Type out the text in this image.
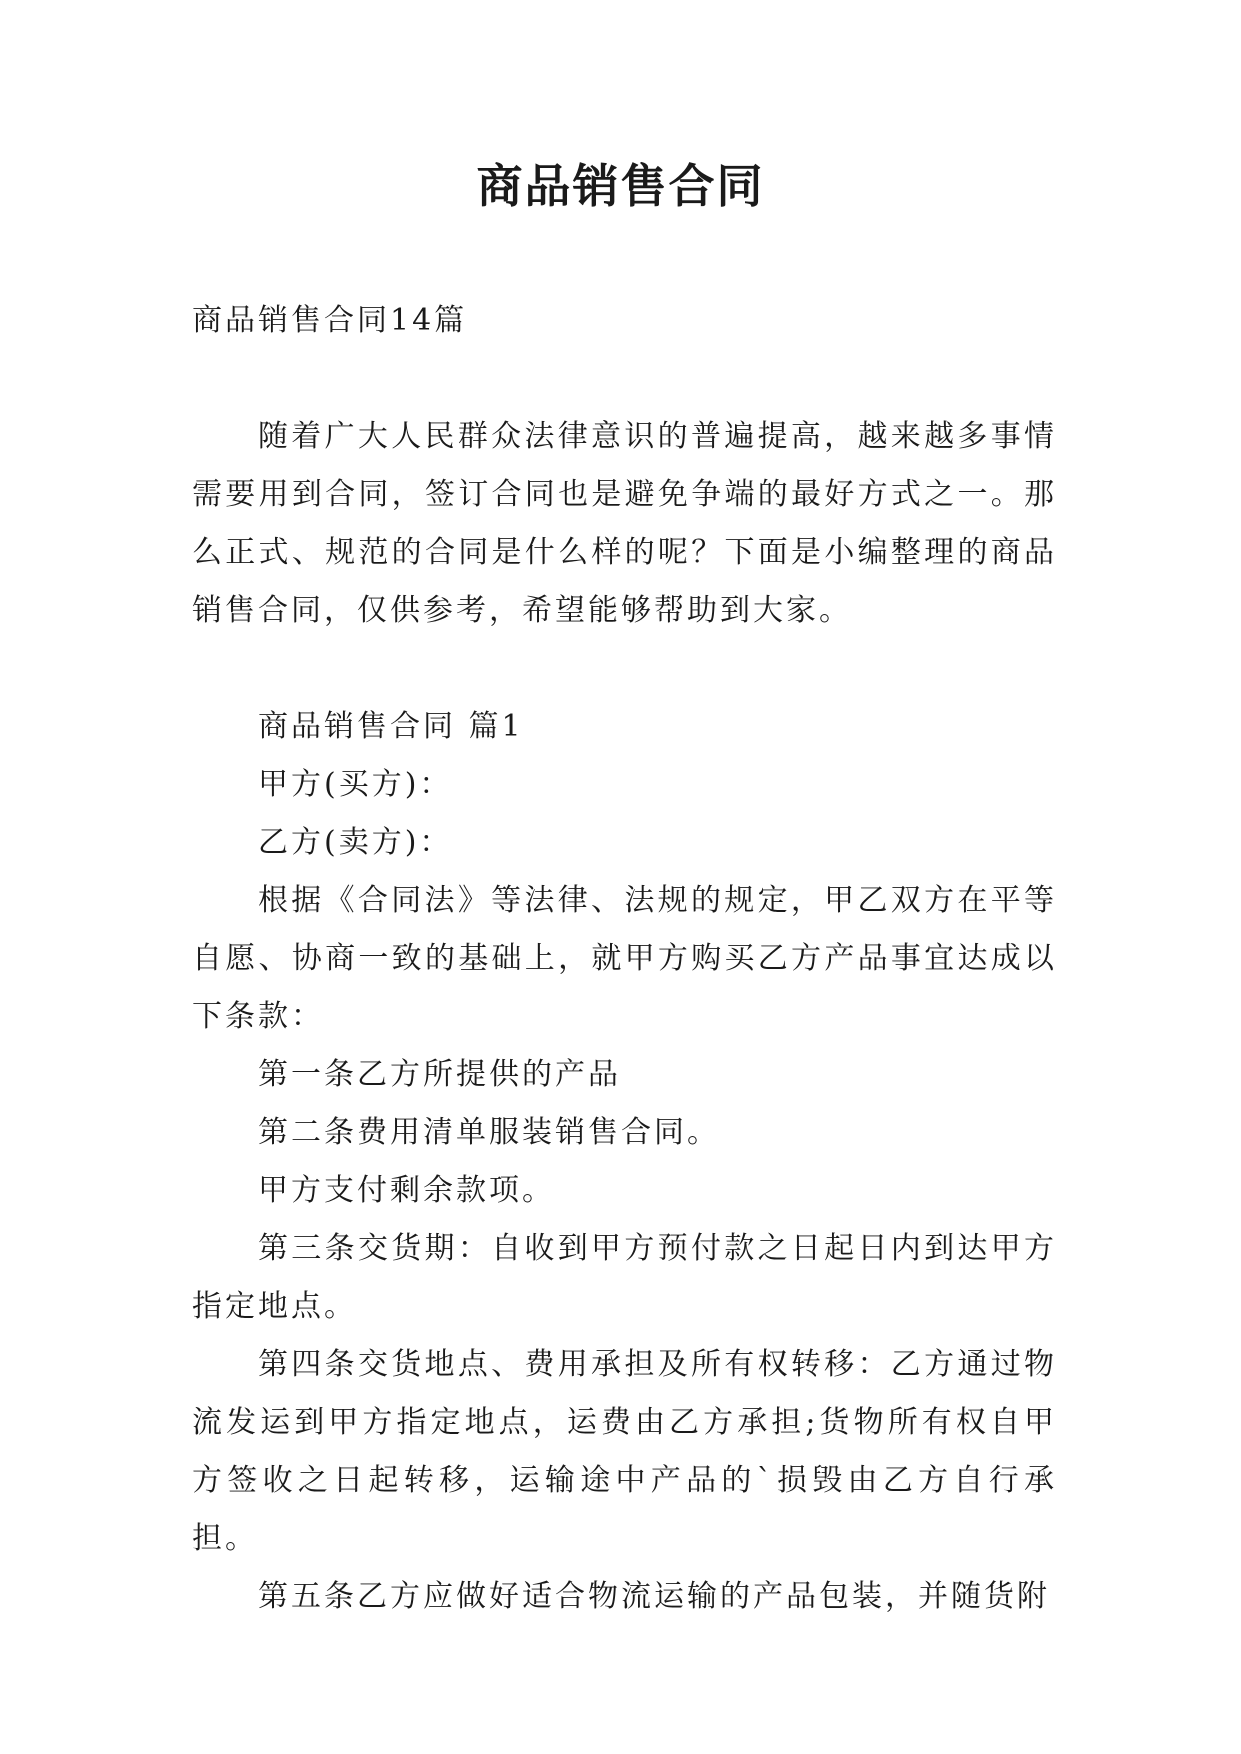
商品销售合同

商品销售合同14篇

随着广大人民群众法律意识的普遍提高，越来越多事情需要用到合同，签订合同也是避免争端的最好方式之一。那么正式、规范的合同是什么样的呢？下面是小编整理的商品销售合同，仅供参考，希望能够帮助到大家。

商品销售合同 篇1

甲方(买方)：

乙方(卖方)：

根据《合同法》等法律、法规的规定，甲乙双方在平等自愿、协商一致的基础上，就甲方购买乙方产品事宜达成以下条款：

第一条乙方所提供的产品

第二条费用清单服装销售合同。

甲方支付剩余款项。

第三条交货期：自收到甲方预付款之日起日内到达甲方指定地点。

第四条交货地点、费用承担及所有权转移：乙方通过物流发运到甲方指定地点，运费由乙方承担;货物所有权自甲方签收之日起转移，运输途中产品的`损毁由乙方自行承担。

第五条乙方应做好适合物流运输的产品包装，并随货附
